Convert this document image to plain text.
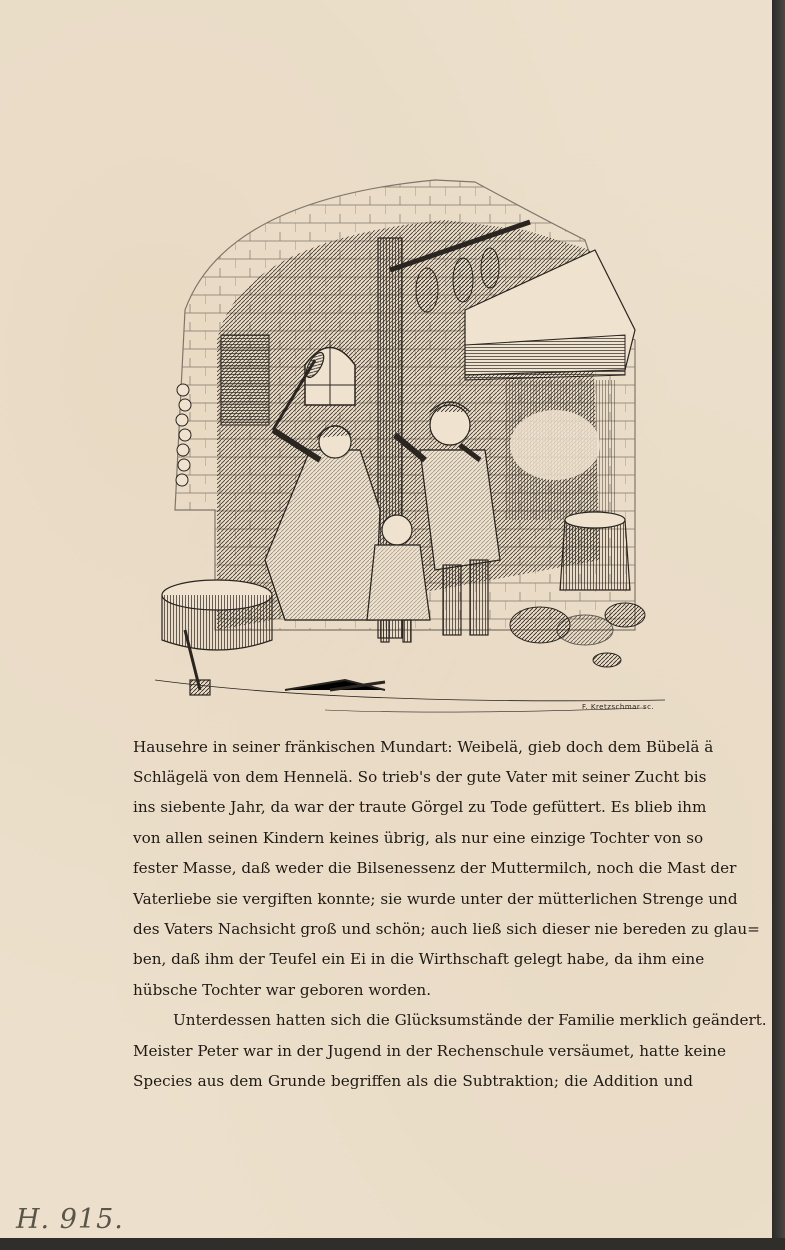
F. Kretzschmar sc.
Hausehre in seiner fränkischen Mundart: Weibelä, gieb doch dem Bübelä ä
Schlägelä von dem Hennelä. So trieb's der gute Vater mit seiner Zucht bis
ins siebente Jahr, da war der traute Görgel zu Tode gefüttert. Es blieb ihm
von allen seinen Kindern keines übrig, als nur eine einzige Tochter von so
fester Masse, daß weder die Bilsenessenz der Muttermilch, noch die Mast der
Vaterliebe sie vergiften konnte; sie wurde unter der mütterlichen Strenge und
des Vaters Nachsicht groß und schön; auch ließ sich dieser nie bereden zu glau=
ben, daß ihm der Teufel ein Ei in die Wirthschaft gelegt habe, da ihm eine
hübsche Tochter war geboren worden.
Unterdessen hatten sich die Glücksumstände der Familie merklich geändert.
Meister Peter war in der Jugend in der Rechenschule versäumet, hatte keine
Species aus dem Grunde begriffen als die Subtraktion; die Addition und
H. 915.
